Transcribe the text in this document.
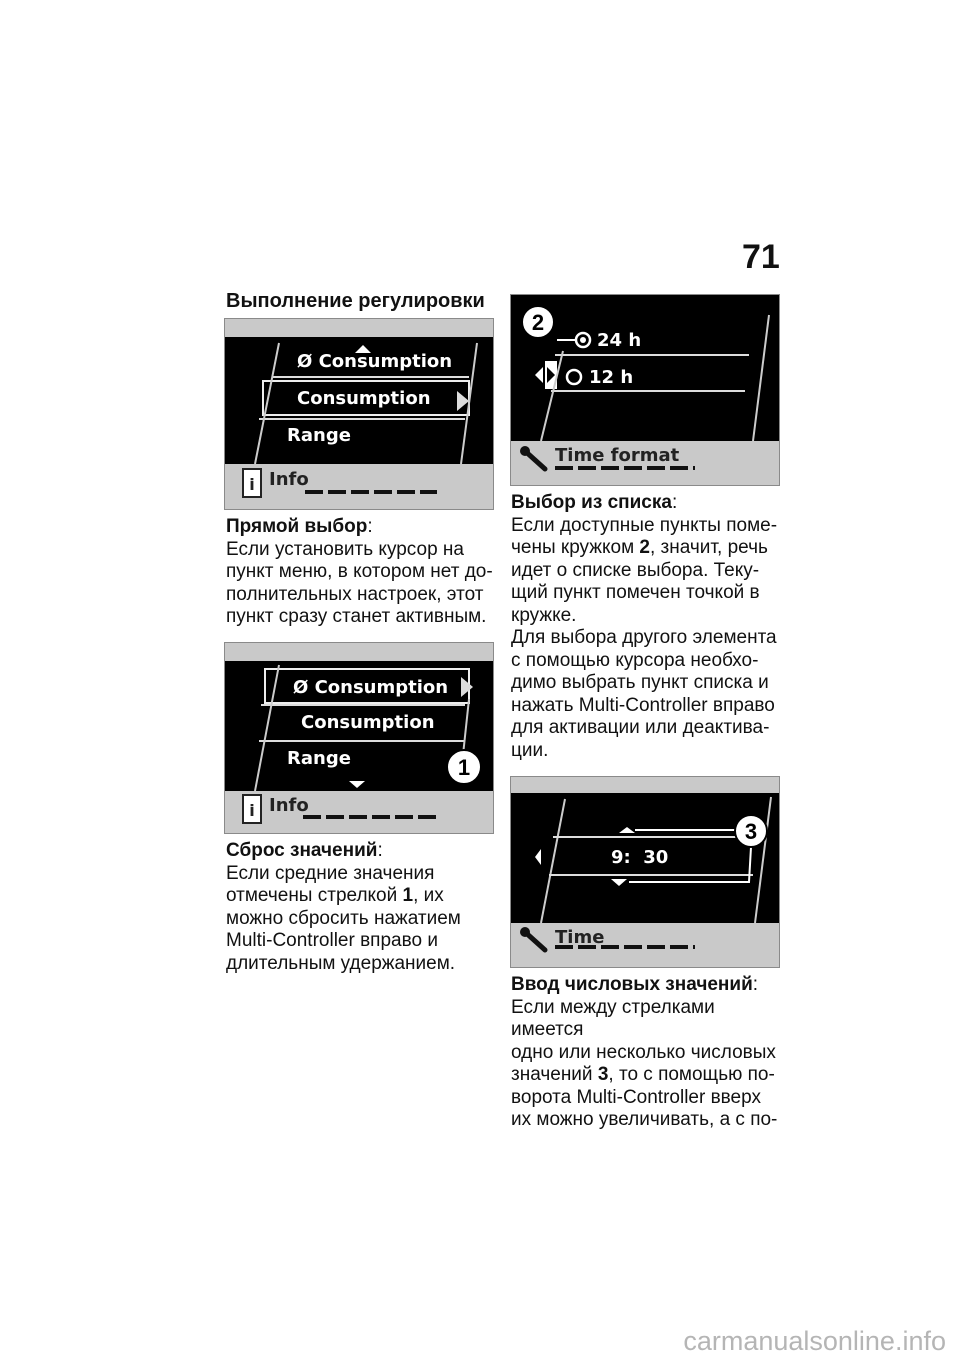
71
Выполнение регулировки
i
Ø Consumption
Consumption
Range
Info

Прямой выбор:

Если установить курсор на

пункт меню, в котором нет до-

полнительных настроек, этот

пункт сразу станет активным.

i
Ø Consumption
Consumption
Range
Info
1

Сброс значений:

Если средние значения

отмечены стрелкой 1, их

можно сбросить нажатием

Multi-Controller вправо и

длительным удержанием.

24 h
12 h
Time format
2

Выбор из списка:

Если доступные пункты поме-

чены кружком 2, значит, речь

идет о списке выбора. Теку-

щий пункт помечен точкой в

кружке.

Для выбора другого элемента

с помощью курсора необхо-

димо выбрать пункт списка и

нажать Multi-Controller вправо

для активации или деактива-

ции.

9:  30
Time
3

Ввод числовых значений:

Если между стрелками имеется

одно или несколько числовых

значений 3, то с помощью по-

ворота Multi-Controller вверх

их можно увеличивать, а с по-

carmanualsonline.info
